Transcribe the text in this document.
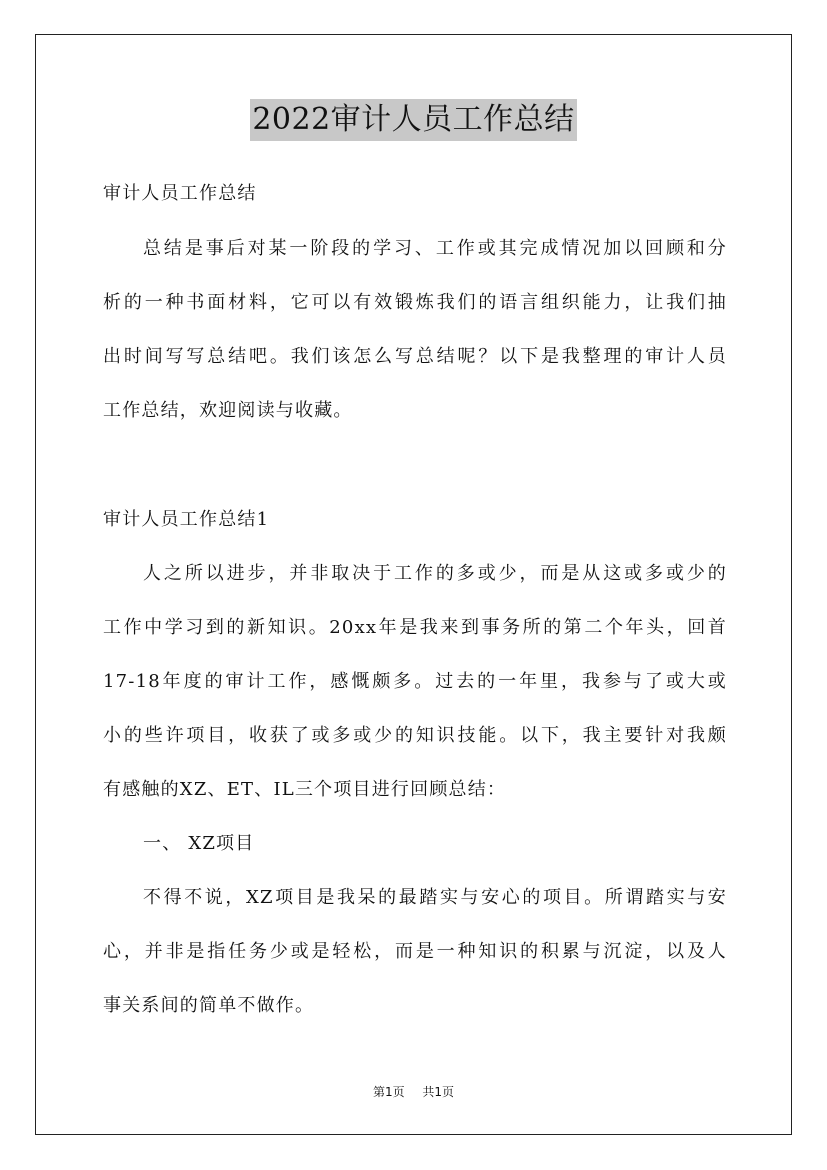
2022审计人员工作总结
审计人员工作总结
总结是事后对某一阶段的学习、工作或其完成情况加以回顾和分
析的一种书面材料，它可以有效锻炼我们的语言组织能力，让我们抽
出时间写写总结吧。我们该怎么写总结呢？以下是我整理的审计人员
工作总结，欢迎阅读与收藏。
审计人员工作总结1
人之所以进步，并非取决于工作的多或少，而是从这或多或少的
工作中学习到的新知识。20xx年是我来到事务所的第二个年头，回首
17-18年度的审计工作，感慨颇多。过去的一年里，我参与了或大或
小的些许项目，收获了或多或少的知识技能。以下，我主要针对我颇
有感触的XZ、ET、IL三个项目进行回顾总结：
一、 XZ项目
不得不说，XZ项目是我呆的最踏实与安心的项目。所谓踏实与安
心，并非是指任务少或是轻松，而是一种知识的积累与沉淀，以及人
事关系间的简单不做作。
第1页 共1页
